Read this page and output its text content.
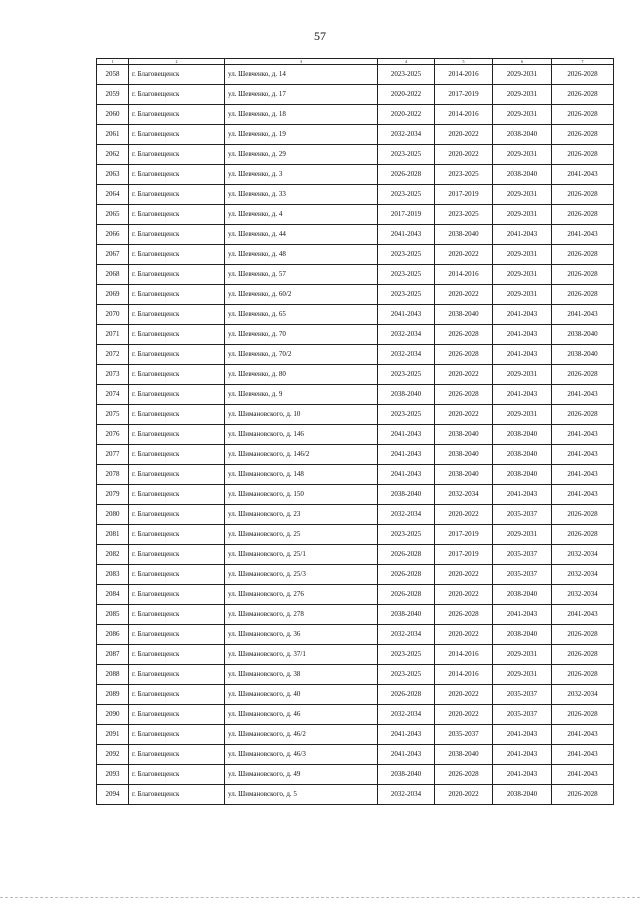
57
1	2	3	4	5	6	7
2058	г. Благовещенск	ул. Шевченко, д. 14	2023-2025	2014-2016	2029-2031	2026-2028
2059	г. Благовещенск	ул. Шевченко, д. 17	2020-2022	2017-2019	2029-2031	2026-2028
2060	г. Благовещенск	ул. Шевченко, д. 18	2020-2022	2014-2016	2029-2031	2026-2028
2061	г. Благовещенск	ул. Шевченко, д. 19	2032-2034	2020-2022	2038-2040	2026-2028
2062	г. Благовещенск	ул. Шевченко, д. 29	2023-2025	2020-2022	2029-2031	2026-2028
2063	г. Благовещенск	ул. Шевченко, д. 3	2026-2028	2023-2025	2038-2040	2041-2043
2064	г. Благовещенск	ул. Шевченко, д. 33	2023-2025	2017-2019	2029-2031	2026-2028
2065	г. Благовещенск	ул. Шевченко, д. 4	2017-2019	2023-2025	2029-2031	2026-2028
2066	г. Благовещенск	ул. Шевченко, д. 44	2041-2043	2038-2040	2041-2043	2041-2043
2067	г. Благовещенск	ул. Шевченко, д. 48	2023-2025	2020-2022	2029-2031	2026-2028
2068	г. Благовещенск	ул. Шевченко, д. 57	2023-2025	2014-2016	2029-2031	2026-2028
2069	г. Благовещенск	ул. Шевченко, д. 60/2	2023-2025	2020-2022	2029-2031	2026-2028
2070	г. Благовещенск	ул. Шевченко, д. 65	2041-2043	2038-2040	2041-2043	2041-2043
2071	г. Благовещенск	ул. Шевченко, д. 70	2032-2034	2026-2028	2041-2043	2038-2040
2072	г. Благовещенск	ул. Шевченко, д. 70/2	2032-2034	2026-2028	2041-2043	2038-2040
2073	г. Благовещенск	ул. Шевченко, д. 80	2023-2025	2020-2022	2029-2031	2026-2028
2074	г. Благовещенск	ул. Шевченко, д. 9	2038-2040	2026-2028	2041-2043	2041-2043
2075	г. Благовещенск	ул. Шимановского, д. 10	2023-2025	2020-2022	2029-2031	2026-2028
2076	г. Благовещенск	ул. Шимановского, д. 146	2041-2043	2038-2040	2038-2040	2041-2043
2077	г. Благовещенск	ул. Шимановского, д. 146/2	2041-2043	2038-2040	2038-2040	2041-2043
2078	г. Благовещенск	ул. Шимановского, д. 148	2041-2043	2038-2040	2038-2040	2041-2043
2079	г. Благовещенск	ул. Шимановского, д. 150	2038-2040	2032-2034	2041-2043	2041-2043
2080	г. Благовещенск	ул. Шимановского, д. 23	2032-2034	2020-2022	2035-2037	2026-2028
2081	г. Благовещенск	ул. Шимановского, д. 25	2023-2025	2017-2019	2029-2031	2026-2028
2082	г. Благовещенск	ул. Шимановского, д. 25/1	2026-2028	2017-2019	2035-2037	2032-2034
2083	г. Благовещенск	ул. Шимановского, д. 25/3	2026-2028	2020-2022	2035-2037	2032-2034
2084	г. Благовещенск	ул. Шимановского, д. 276	2026-2028	2020-2022	2038-2040	2032-2034
2085	г. Благовещенск	ул. Шимановского, д. 278	2038-2040	2026-2028	2041-2043	2041-2043
2086	г. Благовещенск	ул. Шимановского, д. 36	2032-2034	2020-2022	2038-2040	2026-2028
2087	г. Благовещенск	ул. Шимановского, д. 37/1	2023-2025	2014-2016	2029-2031	2026-2028
2088	г. Благовещенск	ул. Шимановского, д. 38	2023-2025	2014-2016	2029-2031	2026-2028
2089	г. Благовещенск	ул. Шимановского, д. 40	2026-2028	2020-2022	2035-2037	2032-2034
2090	г. Благовещенск	ул. Шимановского, д. 46	2032-2034	2020-2022	2035-2037	2026-2028
2091	г. Благовещенск	ул. Шимановского, д. 46/2	2041-2043	2035-2037	2041-2043	2041-2043
2092	г. Благовещенск	ул. Шимановского, д. 46/3	2041-2043	2038-2040	2041-2043	2041-2043
2093	г. Благовещенск	ул. Шимановского, д. 49	2038-2040	2026-2028	2041-2043	2041-2043
2094	г. Благовещенск	ул. Шимановского, д. 5	2032-2034	2020-2022	2038-2040	2026-2028
